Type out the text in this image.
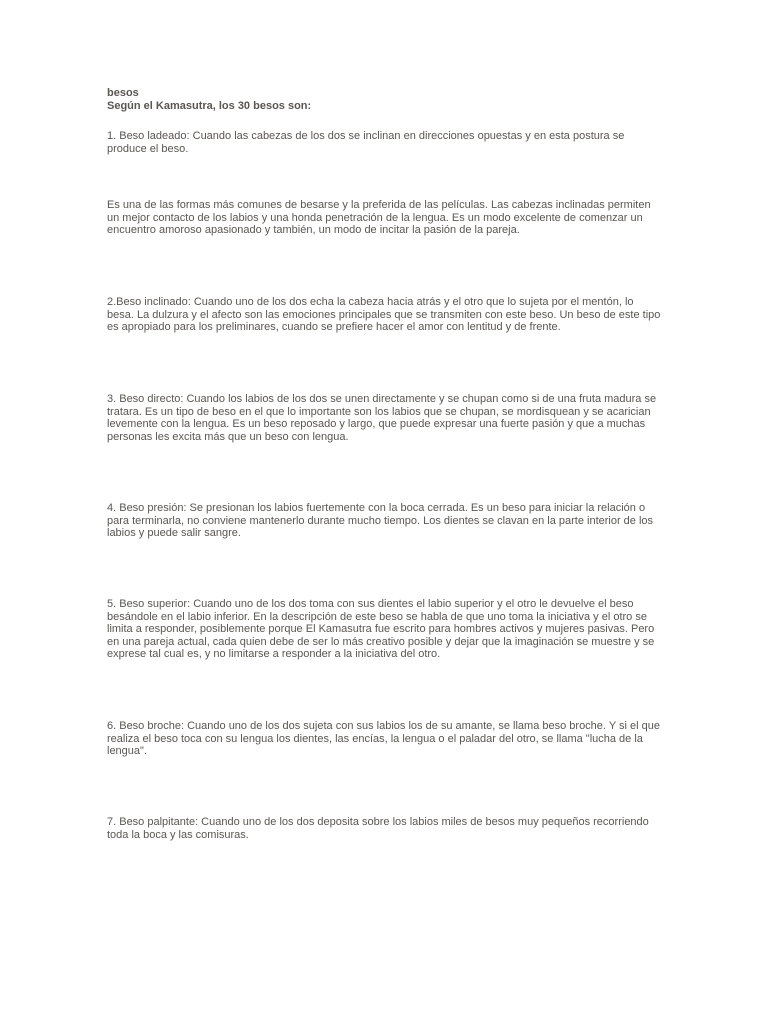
besos

Según el Kamasutra, los 30 besos son:

1. Beso ladeado: Cuando las cabezas de los dos se inclinan en direcciones opuestas y en esta postura se produce el beso.

Es una de las formas más comunes de besarse y la preferida de las películas. Las cabezas inclinadas permiten un mejor contacto de los labios y una honda penetración de la lengua. Es un modo excelente de comenzar un encuentro amoroso apasionado y también, un modo de incitar la pasión de la pareja.

2.Beso inclinado: Cuando uno de los dos echa la cabeza hacia atrás y el otro que lo sujeta por el mentón, lo besa. La dulzura y el afecto son las emociones principales que se transmiten con este beso. Un beso de este tipo es apropiado para los preliminares, cuando se prefiere hacer el amor con lentitud y de frente.

3. Beso directo: Cuando los labios de los dos se unen directamente y se chupan como si de una fruta madura se tratara. Es un tipo de beso en el que lo importante son los labios que se chupan, se mordisquean y se acarician levemente con la lengua. Es un beso reposado y largo, que puede expresar una fuerte pasión y que a muchas personas les excita más que un beso con lengua.

4. Beso presión: Se presionan los labios fuertemente con la boca cerrada. Es un beso para iniciar la relación o para terminarla, no conviene mantenerlo durante mucho tiempo. Los dientes se clavan en la parte interior de los labios y puede salir sangre.

5. Beso superior: Cuando uno de los dos toma con sus dientes el labio superior y el otro le devuelve el beso besándole en el labio inferior. En la descripción de este beso se habla de que uno toma la iniciativa y el otro se limita a responder, posiblemente porque El Kamasutra fue escrito para hombres activos y mujeres pasivas. Pero en una pareja actual, cada quien debe de ser lo más creativo posible y dejar que la imaginación se muestre y se exprese tal cual es, y no limitarse a responder a la iniciativa del otro.

6. Beso broche: Cuando uno de los dos sujeta con sus labios los de su amante, se llama beso broche. Y si el que realiza el beso toca con su lengua los dientes, las encías, la lengua o el paladar del otro, se llama "lucha de la lengua".

7. Beso palpitante: Cuando uno de los dos deposita sobre los labios miles de besos muy pequeños recorriendo toda la boca y las comisuras.
